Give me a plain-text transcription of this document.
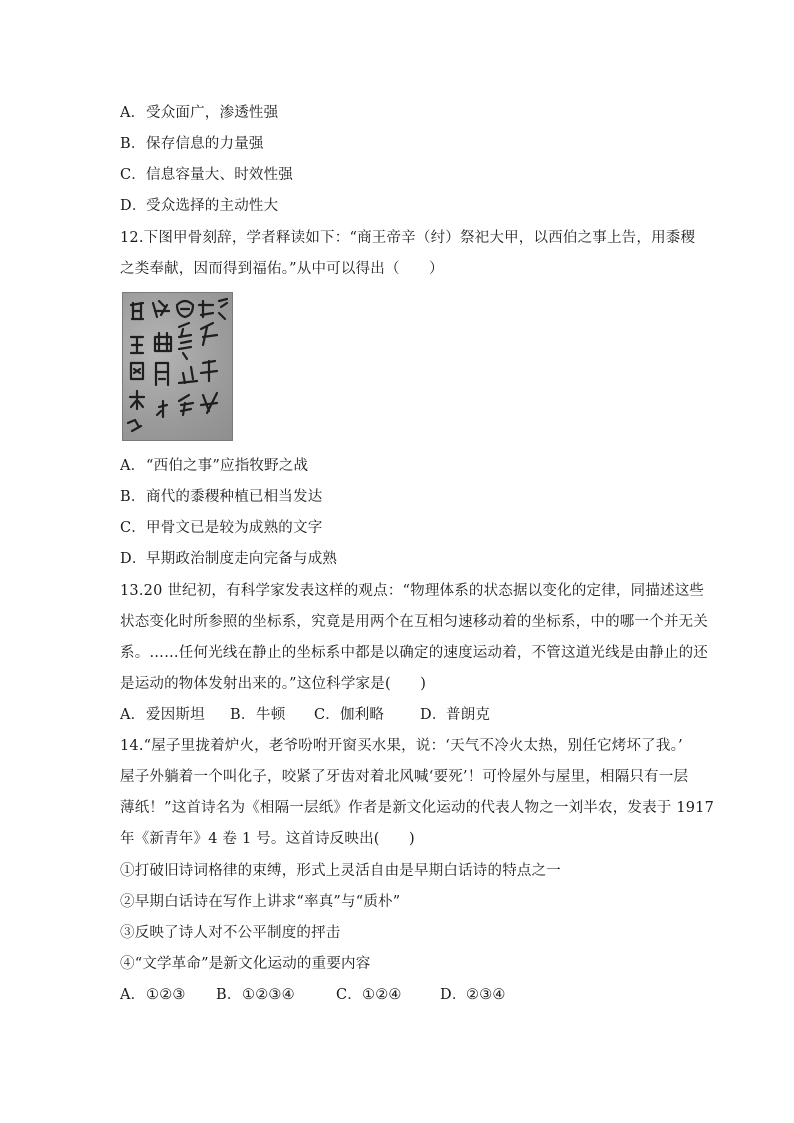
A．受众面广，渗透性强
B．保存信息的力量强
C．信息容量大、时效性强
D．受众选择的主动性大
12.下图甲骨刻辞，学者释读如下：“商王帝辛（纣）祭祀大甲，以西伯之事上告，用黍稷
之类奉献，因而得到福佑。”从中可以得出（　　）
A．“西伯之事”应指牧野之战
B．商代的黍稷种植已相当发达
C．甲骨文已是较为成熟的文字
D．早期政治制度走向完备与成熟
13.20 世纪初，有科学家发表这样的观点：“物理体系的状态据以变化的定律，同描述这些
状态变化时所参照的坐标系，究竟是用两个在互相匀速移动着的坐标系，中的哪一个并无关
系。……任何光线在静止的坐标系中都是以确定的速度运动着，不管这道光线是由静止的还
是运动的物体发射出来的。”这位科学家是(　　)
A．爱因斯坦 B．牛顿 C．伽利略 D．普朗克
14.“屋子里拢着炉火，老爷吩咐开窗买水果，说：‘天气不冷火太热，别任它烤坏了我。’
屋子外躺着一个叫化子，咬紧了牙齿对着北风喊‘要死’！可怜屋外与屋里，相隔只有一层
薄纸！”这首诗名为《相隔一层纸》作者是新文化运动的代表人物之一刘半农，发表于 1917
年《新青年》4 卷 1 号。这首诗反映出(　　)
①打破旧诗词格律的束缚，形式上灵活自由是早期白话诗的特点之一
②早期白话诗在写作上讲求“率真”与“质朴”
③反映了诗人对不公平制度的抨击
④“文学革命”是新文化运动的重要内容
A．①②③ B．①②③④	C．①②④	D．②③④
